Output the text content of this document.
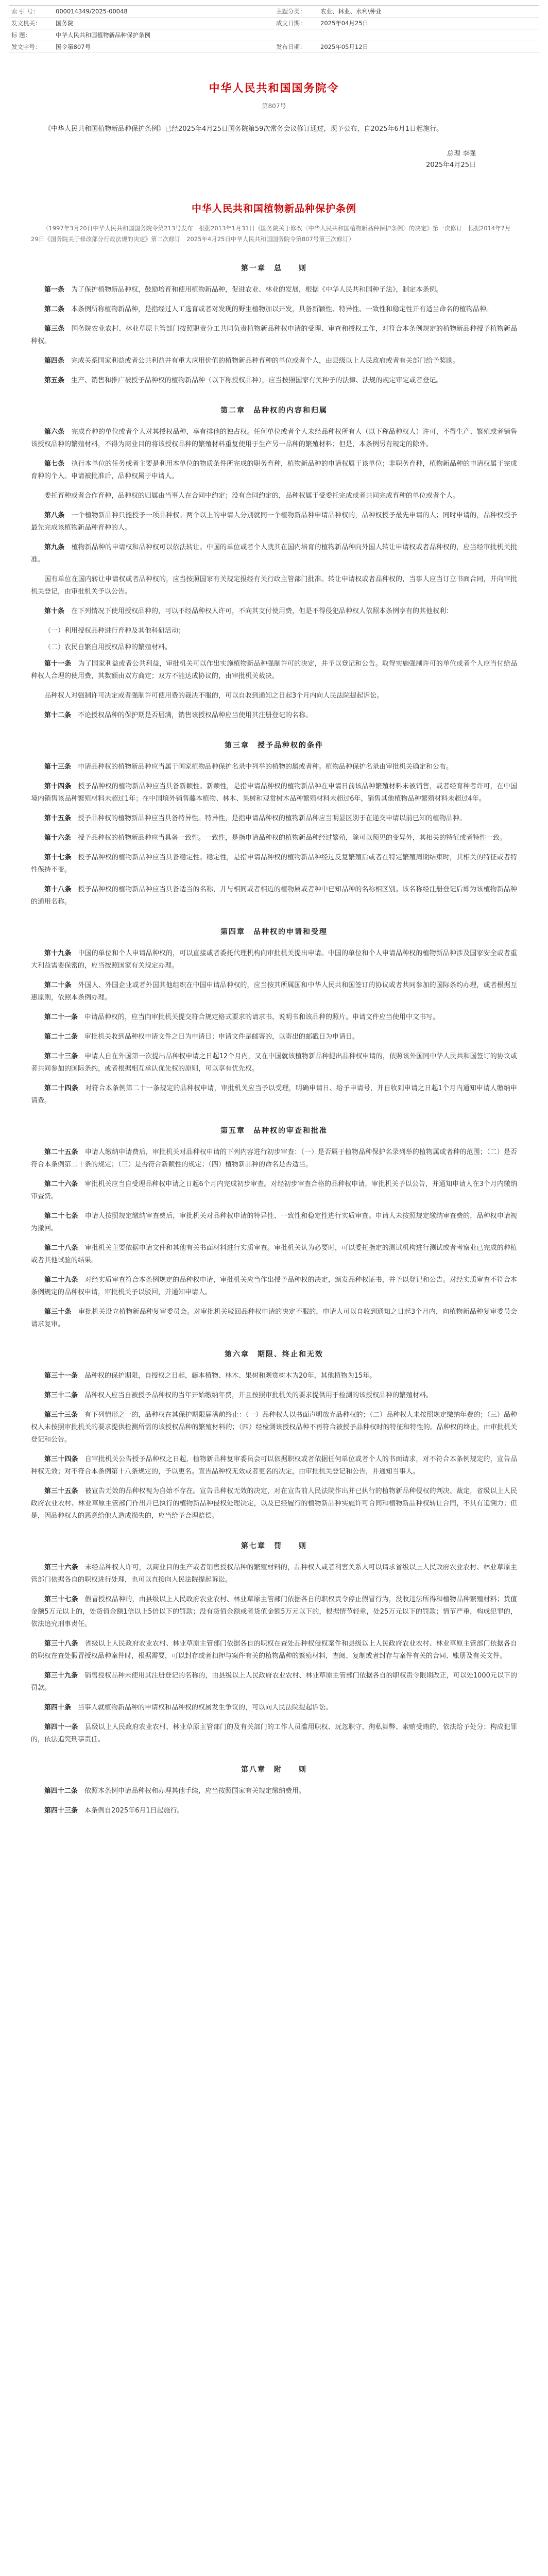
索 引 号：	000014349/2025-00048	主题分类：	农业、林业、水利\种业
发文机关：	国务院	成文日期：	2025年04月25日
标 题：	中华人民共和国植物新品种保护条例
发文字号：	国令第807号	发布日期：	2025年05月12日
中华人民共和国国务院令
第807号
《中华人民共和国植物新品种保护条例》已经2025年4月25日国务院第59次常务会议修订通过，现予公布，自2025年6月1日起施行。
总理 李强
2025年4月25日
中华人民共和国植物新品种保护条例
（1997年3月20日中华人民共和国国务院令第213号发布　根据2013年1月31日《国务院关于修改〈中华人民共和国植物新品种保护条例〉的决定》第一次修订　根据2014年7月29日《国务院关于修改部分行政法规的决定》第二次修订　2025年4月25日中华人民共和国国务院令第807号第三次修订）
第一章　总　　则
第一条　 为了保护植物新品种权，鼓励培育和使用植物新品种，促进农业、林业的发展，根据《中华人民共和国种子法》，制定本条例。
第二条　 本条例所称植物新品种，是指经过人工选育或者对发现的野生植物加以开发，具备新颖性、特异性、一致性和稳定性并有适当命名的植物品种。
第三条　 国务院农业农村、林业草原主管部门按照职责分工共同负责植物新品种权申请的受理、审查和授权工作，对符合本条例规定的植物新品种授予植物新品种权。
第四条　 完成关系国家利益或者公共利益并有重大应用价值的植物新品种育种的单位或者个人，由县级以上人民政府或者有关部门给予奖励。
第五条　 生产、销售和推广被授予品种权的植物新品种（以下称授权品种），应当按照国家有关种子的法律、法规的规定审定或者登记。
第二章　品种权的内容和归属
第六条　 完成育种的单位或者个人对其授权品种，享有排他的独占权。任何单位或者个人未经品种权所有人（以下称品种权人）许可，不得生产、繁殖或者销售该授权品种的繁殖材料，不得为商业目的将该授权品种的繁殖材料重复使用于生产另一品种的繁殖材料；但是，本条例另有规定的除外。
第七条　 执行本单位的任务或者主要是利用本单位的物质条件所完成的职务育种，植物新品种的申请权属于该单位；非职务育种，植物新品种的申请权属于完成育种的个人。申请被批准后，品种权属于申请人。
委托育种或者合作育种，品种权的归属由当事人在合同中约定；没有合同约定的，品种权属于受委托完成或者共同完成育种的单位或者个人。
第八条　 一个植物新品种只能授予一项品种权。两个以上的申请人分别就同一个植物新品种申请品种权的，品种权授予最先申请的人；同时申请的，品种权授予最先完成该植物新品种育种的人。
第九条　 植物新品种的申请权和品种权可以依法转让。中国的单位或者个人就其在国内培育的植物新品种向外国人转让申请权或者品种权的，应当经审批机关批准。
国有单位在国内转让申请权或者品种权的，应当按照国家有关规定报经有关行政主管部门批准。转让申请权或者品种权的，当事人应当订立书面合同，并向审批机关登记，由审批机关予以公告。
第十条　 在下列情况下使用授权品种的，可以不经品种权人许可，不向其支付使用费，但是不得侵犯品种权人依照本条例享有的其他权利：
（一）利用授权品种进行育种及其他科研活动；
（二）农民自繁自用授权品种的繁殖材料。
第十一条　 为了国家利益或者公共利益，审批机关可以作出实施植物新品种强制许可的决定，并予以登记和公告。取得实施强制许可的单位或者个人应当付给品种权人合理的使用费，其数额由双方商定；双方不能达成协议的，由审批机关裁决。
品种权人对强制许可决定或者强制许可使用费的裁决不服的，可以自收到通知之日起3个月内向人民法院提起诉讼。
第十二条　 不论授权品种的保护期是否届满，销售该授权品种应当使用其注册登记的名称。
第三章　授予品种权的条件
第十三条　 申请品种权的植物新品种应当属于国家植物品种保护名录中列举的植物的属或者种。植物品种保护名录由审批机关确定和公布。
第十四条　 授予品种权的植物新品种应当具备新颖性。新颖性，是指申请品种权的植物新品种在申请日前该品种繁殖材料未被销售，或者经育种者许可，在中国境内销售该品种繁殖材料未超过1年；在中国境外销售藤本植物、林木、果树和观赏树木品种繁殖材料未超过6年，销售其他植物品种繁殖材料未超过4年。
第十五条　 授予品种权的植物新品种应当具备特异性。特异性，是指申请品种权的植物新品种应当明显区别于在递交申请以前已知的植物品种。
第十六条　 授予品种权的植物新品种应当具备一致性。一致性，是指申请品种权的植物新品种经过繁殖，除可以预见的变异外，其相关的特征或者特性一致。
第十七条　 授予品种权的植物新品种应当具备稳定性。稳定性，是指申请品种权的植物新品种经过反复繁殖后或者在特定繁殖周期结束时，其相关的特征或者特性保持不变。
第十八条　 授予品种权的植物新品种应当具备适当的名称，并与相同或者相近的植物属或者种中已知品种的名称相区别。该名称经注册登记后即为该植物新品种的通用名称。
第四章　品种权的申请和受理
第十九条　 中国的单位和个人申请品种权的，可以直接或者委托代理机构向审批机关提出申请。中国的单位和个人申请品种权的植物新品种涉及国家安全或者重大利益需要保密的，应当按照国家有关规定办理。
第二十条　 外国人、外国企业或者外国其他组织在中国申请品种权的，应当按其所属国和中华人民共和国签订的协议或者共同参加的国际条约办理，或者根据互惠原则，依照本条例办理。
第二十一条　 申请品种权的，应当向审批机关提交符合规定格式要求的请求书、说明书和该品种的照片。申请文件应当使用中文书写。
第二十二条　 审批机关收到品种权申请文件之日为申请日；申请文件是邮寄的，以寄出的邮戳日为申请日。
第二十三条　 申请人自在外国第一次提出品种权申请之日起12个月内，又在中国就该植物新品种提出品种权申请的，依照该外国同中华人民共和国签订的协议或者共同参加的国际条约，或者根据相互承认优先权的原则，可以享有优先权。
第二十四条　 对符合本条例第二十一条规定的品种权申请，审批机关应当予以受理，明确申请日、给予申请号，并自收到申请之日起1个月内通知申请人缴纳申请费。
第五章　品种权的审查和批准
第二十五条　 申请人缴纳申请费后，审批机关对品种权申请的下列内容进行初步审查：（一）是否属于植物品种保护名录列举的植物属或者种的范围；（二）是否符合本条例第二十条的规定；（三）是否符合新颖性的规定；（四）植物新品种的命名是否适当。
第二十六条　 审批机关应当自受理品种权申请之日起6个月内完成初步审查。对经初步审查合格的品种权申请，审批机关予以公告，并通知申请人在3个月内缴纳审查费。
第二十七条　 申请人按照规定缴纳审查费后，审批机关对品种权申请的特异性、一致性和稳定性进行实质审查。申请人未按照规定缴纳审查费的，品种权申请视为撤回。
第二十八条　 审批机关主要依据申请文件和其他有关书面材料进行实质审查。审批机关认为必要时，可以委托指定的测试机构进行测试或者考察业已完成的种植或者其他试验的结果。
第二十九条　 对经实质审查符合本条例规定的品种权申请，审批机关应当作出授予品种权的决定，颁发品种权证书，并予以登记和公告。对经实质审查不符合本条例规定的品种权申请，审批机关予以驳回，并通知申请人。
第三十条　 审批机关设立植物新品种复审委员会。对审批机关驳回品种权申请的决定不服的，申请人可以自收到通知之日起3个月内，向植物新品种复审委员会请求复审。
第六章　期限、终止和无效
第三十一条　 品种权的保护期限，自授权之日起，藤本植物、林木、果树和观赏树木为20年，其他植物为15年。
第三十二条　 品种权人应当自被授予品种权的当年开始缴纳年费，并且按照审批机关的要求提供用于检测的该授权品种的繁殖材料。
第三十三条　 有下列情形之一的，品种权在其保护期限届满前终止：（一）品种权人以书面声明放弃品种权的；（二）品种权人未按照规定缴纳年费的；（三）品种权人未按照审批机关的要求提供检测所需的该授权品种的繁殖材料的；（四）经检测该授权品种不再符合被授予品种权时的特征和特性的。品种权的终止，由审批机关登记和公告。
第三十四条　 自审批机关公告授予品种权之日起，植物新品种复审委员会可以依据职权或者依据任何单位或者个人的书面请求，对不符合本条例规定的，宣告品种权无效；对不符合本条例第十八条规定的，予以更名。宣告品种权无效或者更名的决定，由审批机关登记和公告，并通知当事人。
第三十五条　 被宣告无效的品种权视为自始不存在。宣告品种权无效的决定，对在宣告前人民法院作出并已执行的植物新品种侵权的判决、裁定，省级以上人民政府农业农村、林业草原主管部门作出并已执行的植物新品种侵权处理决定，以及已经履行的植物新品种实施许可合同和植物新品种权转让合同，不具有追溯力；但是，因品种权人的恶意给他人造成损失的，应当给予合理赔偿。
第七章　罚　　则
第三十六条　 未经品种权人许可，以商业目的生产或者销售授权品种的繁殖材料的，品种权人或者利害关系人可以请求省级以上人民政府农业农村、林业草原主管部门依据各自的职权进行处理，也可以直接向人民法院提起诉讼。
第三十七条　 假冒授权品种的，由县级以上人民政府农业农村、林业草原主管部门依据各自的职权责令停止假冒行为，没收违法所得和植物品种繁殖材料；货值金额5万元以上的，处货值金额1倍以上5倍以下的罚款；没有货值金额或者货值金额5万元以下的，根据情节轻重，处25万元以下的罚款；情节严重，构成犯罪的，依法追究刑事责任。
第三十八条　 省级以上人民政府农业农村、林业草原主管部门依据各自的职权在查处品种权侵权案件和县级以上人民政府农业农村、林业草原主管部门依据各自的职权在查处假冒授权品种案件时，根据需要，可以封存或者扣押与案件有关的植物品种的繁殖材料，查阅、复制或者封存与案件有关的合同、账册及有关文件。
第三十九条　 销售授权品种未使用其注册登记的名称的，由县级以上人民政府农业农村、林业草原主管部门依据各自的职权责令限期改正，可以处1000元以下的罚款。
第四十条　 当事人就植物新品种的申请权和品种权的权属发生争议的，可以向人民法院提起诉讼。
第四十一条　 县级以上人民政府农业农村、林业草原主管部门的及有关部门的工作人员滥用职权、玩忽职守、徇私舞弊、索贿受贿的，依法给予处分；构成犯罪的，依法追究刑事责任。
第八章　附　　则
第四十二条　 依照本条例申请品种权和办理其他手续，应当按照国家有关规定缴纳费用。
第四十三条　 本条例自2025年6月1日起施行。
